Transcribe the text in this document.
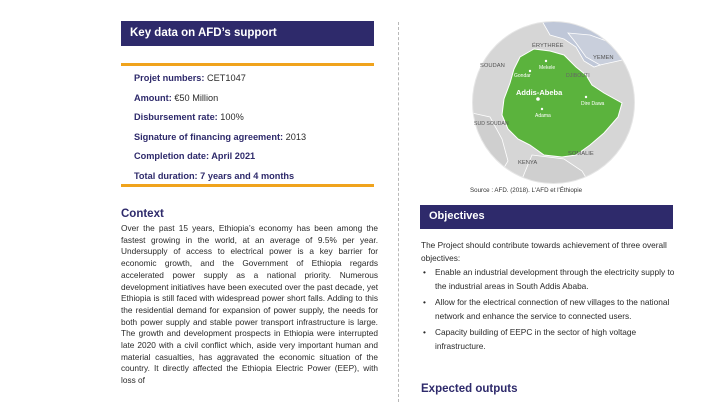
Key data on AFD’s support
Projet numbers: CET1047
Amount: €50 Million
Disbursement rate: 100%
Signature of financing agreement: 2013
Completion date: April 2021
Total duration: 7 years and 4 months
Context
Over the past 15 years, Ethiopia’s economy has been among the fastest growing in the world, at an average of 9.5% per year. Undersupply of access to electrical power is a key barrier for economic growth, and the Government of Ethiopia regards accelerated power supply as a national priority. Numerous development initiatives have been executed over the past decade, yet Ethiopia is still faced with widespread power short falls. Adding to this the residential demand for expansion of power supply, the needs for both power supply and stable power transport infrastructure is large. The growth and development prospects in Ethiopia were interrupted late 2020 with a civil conflict which, aside very important human and material casualties, has aggravated the economic situation of the country. It directly affected the Ethiopia Electric Power (EEP), with loss of
ÉRYTHRÉE
YEMEN
DJIBOUTI
SOUDAN
SUD SOUDAN
KENYA
SOMALIE
Addis-Abeba
Gondar
Mekele
Dire Dawa
Adama
Source : AFD. (2018). L'AFD et l'Éthiopie
Objectives
The Project should contribute towards achievement of three overall objectives:
• Enable an industrial development through the electricity supply to the industrial areas in South Addis Ababa.
• Allow for the electrical connection of new villages to the national network and enhance the service to connected users.
• Capacity building of EEPC in the sector of high voltage infrastructure.
Expected outputs
